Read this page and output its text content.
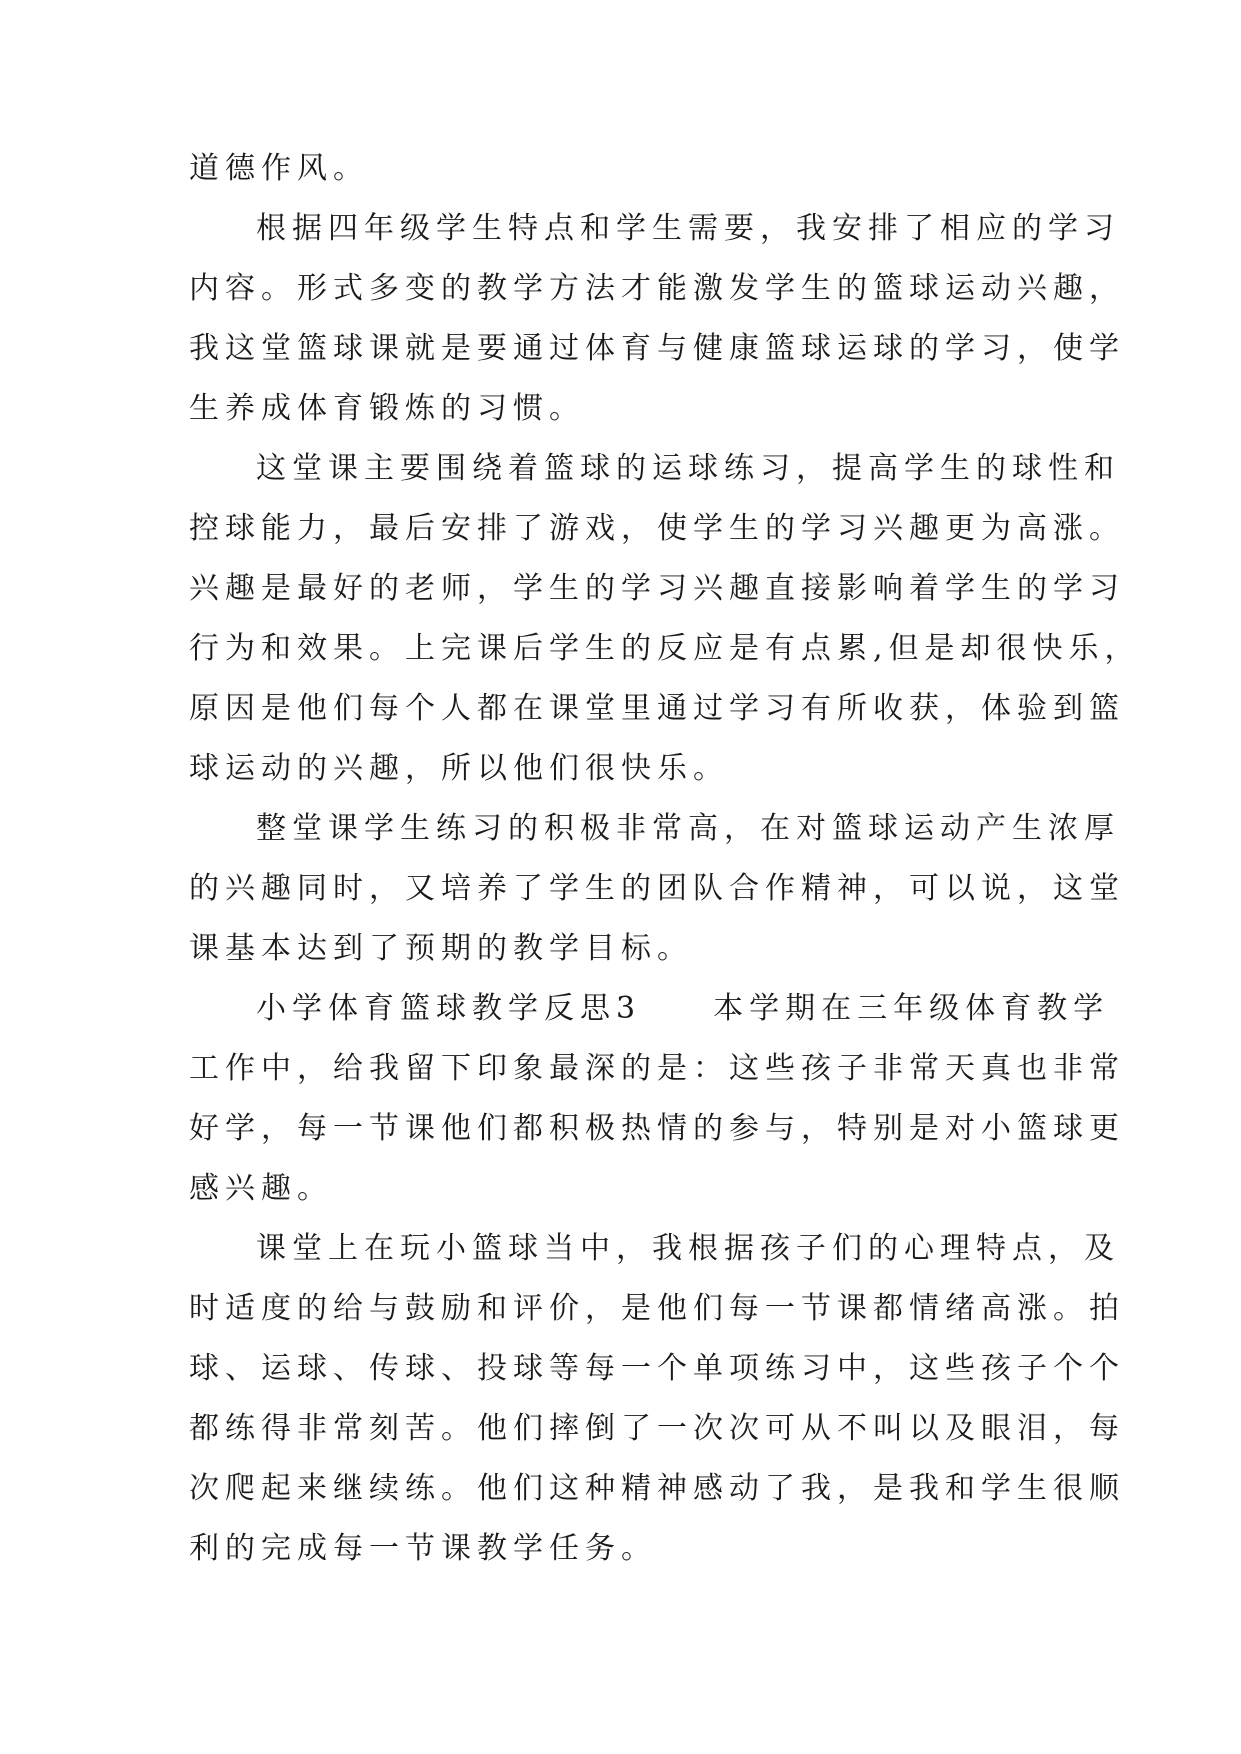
道德作风。
根据四年级学生特点和学生需要，我安排了相应的学习
内容。形式多变的教学方法才能激发学生的篮球运动兴趣，
我这堂篮球课就是要通过体育与健康篮球运球的学习，使学
生养成体育锻炼的习惯。
这堂课主要围绕着篮球的运球练习，提高学生的球性和
控球能力，最后安排了游戏，使学生的学习兴趣更为高涨。
兴趣是最好的老师，学生的学习兴趣直接影响着学生的学习
行为和效果。上完课后学生的反应是有点累,但是却很快乐，
原因是他们每个人都在课堂里通过学习有所收获，体验到篮
球运动的兴趣，所以他们很快乐。
整堂课学生练习的积极非常高，在对篮球运动产生浓厚
的兴趣同时，又培养了学生的团队合作精神，可以说，这堂
课基本达到了预期的教学目标。
小学体育篮球教学反思3　　本学期在三年级体育教学
工作中，给我留下印象最深的是：这些孩子非常天真也非常
好学，每一节课他们都积极热情的参与，特别是对小篮球更
感兴趣。
课堂上在玩小篮球当中，我根据孩子们的心理特点，及
时适度的给与鼓励和评价，是他们每一节课都情绪高涨。拍
球、运球、传球、投球等每一个单项练习中，这些孩子个个
都练得非常刻苦。他们摔倒了一次次可从不叫以及眼泪，每
次爬起来继续练。他们这种精神感动了我，是我和学生很顺
利的完成每一节课教学任务。
